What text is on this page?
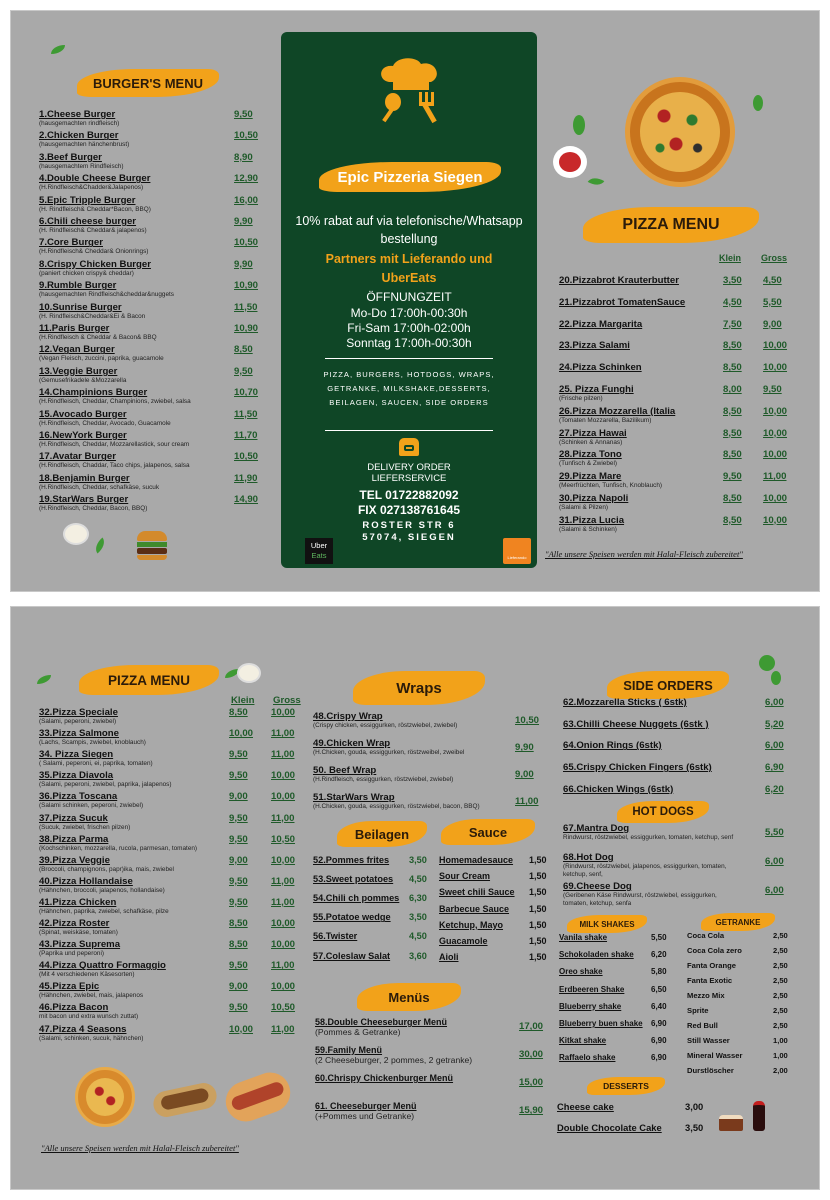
BURGER'S MENU
1.Cheese Burger
(hausgemachten rindfleisch)
9,50
2.Chicken Burger
(hausgemachten hänchenbrust)
10,50
3.Beef Burger
(hausgemachtem Rindfleisch)
8,90
4.Double Cheese Burger
(H.Rindfleisch&Chadder&Jalapenos)
12,90
5.Epic Tripple Burger
(H. Rindfleisch& Cheddar*Bacon, BBQ)
16,00
6.Chili cheese burger
(H. Rindfleisch& Cheddar& jalapenos)
9,90
7.Core Burger
(H.Rindfleisch& Cheddar& Onionrings)
10,50
8.Crispy Chicken Burger
(paniert chicken crispy& cheddar)
9,90
9.Rumble Burger
(hausgemachten Rindfleisch&cheddar&nuggets
10,90
10.Sunrise Burger
(H. Rindfleisch&Cheddar&Ei & Bacon
11,50
11.Paris Burger
(H.Rindfleisch & Cheddar & Bacon& BBQ
10,90
12.Vegan Burger
(Vegan Fleisch, zuccini, paprika, guacamole
8,50
13.Veggie Burger
(Gemusefrikadele &Mozzarella
9,50
14.Champinions Burger
(H.Rindfleisch, Cheddar, Champinions, zwiebel, salsa
10,70
15.Avocado Burger
(H.Rindfleisch, Cheddar, Avocado, Guacamole
11,50
16.NewYork Burger
(H.Rindfleisch, Cheddar, Mozzarellastick, sour cream
11,70
17.Avatar Burger
(H.Rindfleisch, Chaddar, Taco chips, jalapenos, salsa
10,50
18.Benjamin Burger
(H.Rindfleisch, Cheddar, schafkäse, sucuk
11,90
19.StarWars Burger
(H.Rindfleisch, Cheddar, Bacon, BBQ)
14,90
Epic Pizzeria Siegen
10% rabat auf via telefonische/Whatsapp bestellung
Partners mit Lieferando und UberEats
ÖFFNUNGZEIT
Mo-Do 17:00h-00:30h
Fri-Sam 17:00h-02:00h
Sonntag 17:00h-00:30h
PIZZA, BURGERS, HOTDOGS, WRAPS, GETRANKE, MILKSHAKE,DESSERTS, BEILAGEN, SAUCEN, SIDE ORDERS
DELIVERY ORDER
LIEFERSERVICE
TEL 01722882092
FIX 027138761645
ROSTER STR 6
57074, SIEGEN
Uber
Eats	Lieferando
PIZZA MENU
Klein Gross
20.Pizzabrot Krauterbutter	3,50 4,50
21.Pizzabrot TomatenSauce	4,50 5,50
22.Pizza Margarita	7,50 9,00
23.Pizza Salami	8,50 10,00
24.Pizza Schinken	8,50 10,00
25. Pizza Funghi
(Frische pilzen)
8,00 9,50
26.Pizza Mozzarella (Italia
(Tomaten Mozzarella, Bazilikum)
8,50 10,00
27.Pizza Hawai
(Schinken & Annanas)
8,50 10,00
28.Pizza Tono
(Tunfisch & Zwiebel)
8,50 10,00
29.Pizza Mare
(Meerfrüchten, Tunfisch, Knoblauch)
9,50 11,00
30.Pizza Napoli
(Salami & Pilzen)
8,50 10,00
31.Pizza Lucia
(Salami & Schinken)
8,50 10,00
"Alle unsere Speisen werden mit Halal-Fleisch zubereitet"
PIZZA MENU
Klein Gross
32.Pizza Speciale
(Salami, peperoni, zwiebel)
8,50 10,00
33.Pizza Salmone
(Lachs, Scampis, zwiebel, knoblauch)
10,00 11,00
34. Pizza Siegen
( Salami, peperoni, ei, paprika, tomaten)
9,50 11,00
35.Pizza Diavola
(Salami, peperoni, zwiebel, paprika, jalapenos)
9,50 10,00
36.Pizza Toscana
(Salami schinken, peperoni, zwiebel)
9,00 10,00
37.Pizza Sucuk
(Sucuk, zwiebel, frischen pilzen)
9,50 11,00
38.Pizza Parma
(Kochschinken, mozzarella, rucola, parmesan, tomaten)
9,50 10,50
39.Pizza Veggie
(Broccoli, champignons, papr)ika, mais, zwiebel
9,00 10,00
40.Pizza Hollandaise
(Hähnchen, broccoli, jalapenos, hollandaise)
9,50 11,00
41.Pizza Chicken
(Hähnchen, paprika, zwiebel, schafkäse, pilze
9,50 11,00
42.Pizza Roster
(Spinat, weiskäse, tomaten)
8,50 10,00
43.Pizza Suprema
(Paprika und peperoni)
8,50 10,00
44.Pizza Quattro Formaggio
(Mit 4 verschiedenen Käsesorten)
9,50 11,00
45.Pizza Epic
(Hähnchen, zwiebel, mais, jalapenos
9,00 10,00
46.Pizza Bacon
mit bacon und extra wunsch zuttat)
9,50 10,50
47.Pizza 4 Seasons
(Salami, schinken, sucuk, hähnchen)
10,00 11,00
"Alle unsere Speisen werden mit Halal-Fleisch zubereitet"
Wraps
48.Crispy Wrap
(Crispy chicken, essiggurken, röstzwiebel, zwiebel)	10,50
49.Chicken Wrap
(H.Chicken, gouda, essiggurken, röstzweibel, zweibel	9,90
50. Beef Wrap
(H.Rindfleisch, essiggurken, röstzwiebel, zwiebel)	9,00
51.StarWars Wrap
(H.Chicken, gouda, essiggurken, röstzwiebel, bacon, BBQ)	11,00
Beilagen	Sauce
52.Pommes frites	3,50
53.Sweet potatoes	4,50
54.Chili ch pommes	6,30
55.Potatoe wedge	3,50
56.Twister	4,50
57.Coleslaw Salat	3,60
Homemadesauce	1,50
Sour Cream	1,50
Sweet chili Sauce	1,50
Barbecue Sauce	1,50
Ketchup, Mayo	1,50
Guacamole	1,50
Aioli	1,50
Menüs
58.Double Cheeseburger Menü
(Pommes & Getranke)	17,00
59.Family Menü
(2 Cheeseburger, 2 pommes, 2 getranke)	30,00
60.Chrispy Chickenburger Menü	15,00
61. Cheeseburger Menü
(+Pommes und Getranke)	15,90
SIDE ORDERS
62.Mozzarella Sticks ( 6stk)	6,00
63.Chilli Cheese Nuggets (6stk )	5,20
64.Onion Rings (6stk)	6,00
65.Crispy Chicken Fingers (6stk)	6,90
66.Chicken Wings (6stk)	6,20
HOT DOGS
67.Mantra Dog
Rindwurst, röstzwiebel, essiggurken, tomaten, ketchup, senf	5,50
68.Hot Dog
(Rindwurst, röstzwiebel, jalapenos, essiggurken, tomaten, ketchup, senf,
6,00
69.Cheese Dog
(Geribenen Käse Rindwurst, röstzwiebel, essiggurken, tomaten, ketchup, senfa
6,00
MILK SHAKES	GETRANKE
Vanila shake	5,50
Schokoladen shake	6,20
Oreo shake	5,80
Erdbeeren Shake	6,50
Blueberry shake	6,40
Blueberry buen shake	6,90
Kitkat shake	6,90
Raffaelo shake	6,90
Coca Cola	2,50
Coca Cola zero	2,50
Fanta Orange	2,50
Fanta Exotic	2,50
Mezzo Mix	2,50
Sprite	2,50
Red Bull	2,50
Still Wasser	1,00
Mineral Wasser	1,00
Durstlöscher	2,00
DESSERTS
Cheese cake	3,00
Double Chocolate Cake	3,50
